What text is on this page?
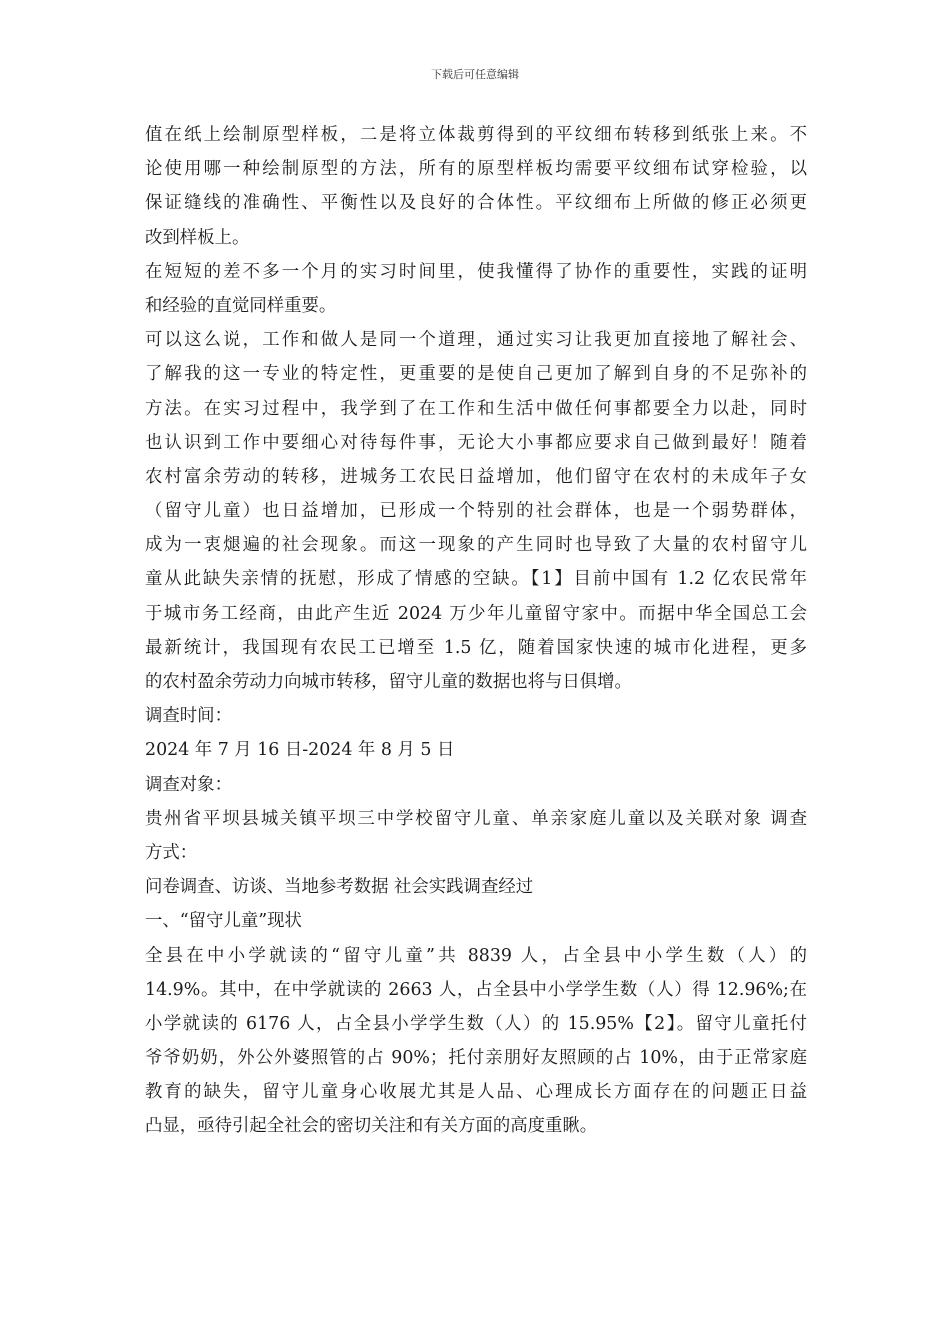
下载后可任意编辑
值在纸上绘制原型样板，二是将立体裁剪得到的平纹细布转移到纸张上来。不
论使用哪一种绘制原型的方法，所有的原型样板均需要平纹细布试穿检验，以
保证缝线的准确性、平衡性以及良好的合体性。平纹细布上所做的修正必须更
改到样板上。
在短短的差不多一个月的实习时间里，使我懂得了协作的重要性，实践的证明
和经验的直觉同样重要。
可以这么说，工作和做人是同一个道理，通过实习让我更加直接地了解社会、
了解我的这一专业的特定性，更重要的是使自己更加了解到自身的不足弥补的
方法。在实习过程中，我学到了在工作和生活中做任何事都要全力以赴，同时
也认识到工作中要细心对待每件事，无论大小事都应要求自己做到最好！随着
农村富余劳动的转移，进城务工农民日益增加，他们留守在农村的未成年子女
（留守儿童）也日益增加，已形成一个特别的社会群体，也是一个弱势群体，
成为一衷煺遍的社会现象。而这一现象的产生同时也导致了大量的农村留守儿
童从此缺失亲情的抚慰，形成了情感的空缺。【1】目前中国有 1.2 亿农民常年
于城市务工经商，由此产生近 2024 万少年儿童留守家中。而据中华全国总工会
最新统计，我国现有农民工已增至 1.5 亿，随着国家快速的城市化进程，更多
的农村盈余劳动力向城市转移，留守儿童的数据也将与日俱增。
调查时间：
2024 年 7 月 16 日-2024 年 8 月 5 日
调查对象：
贵州省平坝县城关镇平坝三中学校留守儿童、单亲家庭儿童以及关联对象 调查
方式：
问卷调查、访谈、当地参考数据 社会实践调查经过
一、“留守儿童”现状
全县在中小学就读的“留守儿童”共 8839 人，占全县中小学生数（人）的
14.9%。其中，在中学就读的 2663 人，占全县中小学学生数（人）得 12.96%;在
小学就读的 6176 人，占全县小学学生数（人）的 15.95%【2】。留守儿童托付
爷爷奶奶，外公外婆照管的占 90%；托付亲朋好友照顾的占 10%，由于正常家庭
教育的缺失，留守儿童身心收展尤其是人品、心理成长方面存在的问题正日益
凸显，亟待引起全社会的密切关注和有关方面的高度重瞅。
